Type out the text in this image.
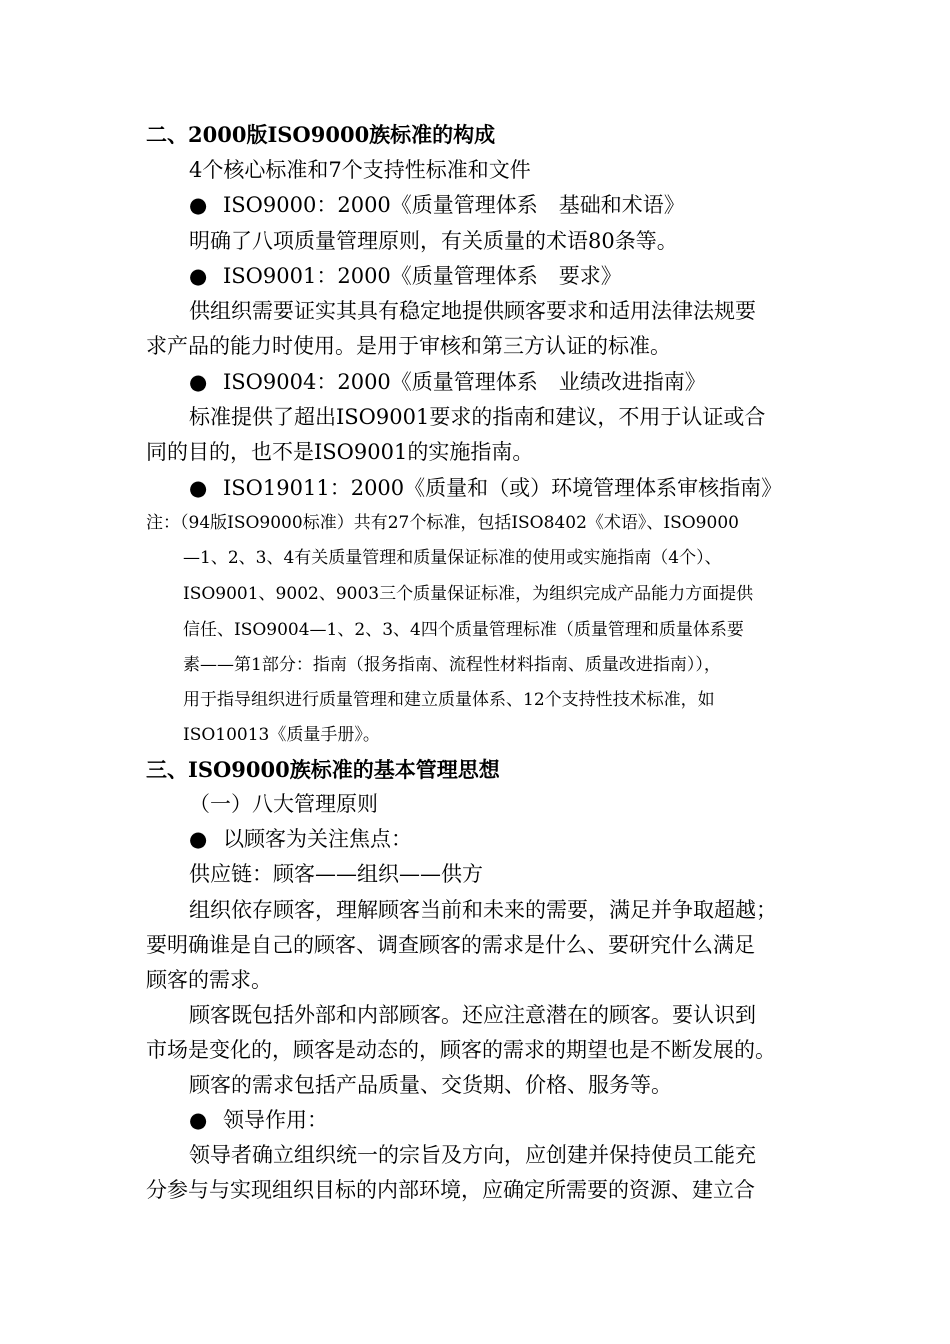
二、2000版ISO9000族标准的构成
4个核心标准和7个支持性标准和文件
● ISO9000：2000《质量管理体系　基础和术语》
明确了八项质量管理原则，有关质量的术语80条等。
● ISO9001：2000《质量管理体系　要求》
供组织需要证实其具有稳定地提供顾客要求和适用法律法规要
求产品的能力时使用。是用于审核和第三方认证的标准。
● ISO9004：2000《质量管理体系　业绩改进指南》
标准提供了超出ISO9001要求的指南和建议，不用于认证或合
同的目的，也不是ISO9001的实施指南。
● ISO19011：2000《质量和（或）环境管理体系审核指南》
注：（94版ISO9000标准）共有27个标准，包括ISO8402《术语》、ISO9000
—1、2、3、4有关质量管理和质量保证标准的使用或实施指南（4个）、
ISO9001、9002、9003三个质量保证标准，为组织完成产品能力方面提供
信任、ISO9004—1、2、3、4四个质量管理标准（质量管理和质量体系要
素——第1部分：指南（报务指南、流程性材料指南、质量改进指南）），
用于指导组织进行质量管理和建立质量体系、12个支持性技术标准，如
ISO10013《质量手册》。
三、ISO9000族标准的基本管理思想
（一）八大管理原则
● 以顾客为关注焦点：
供应链：顾客——组织——供方
组织依存顾客，理解顾客当前和未来的需要，满足并争取超越；
要明确谁是自己的顾客、调查顾客的需求是什么、要研究什么满足
顾客的需求。
顾客既包括外部和内部顾客。还应注意潜在的顾客。要认识到
市场是变化的，顾客是动态的，顾客的需求的期望也是不断发展的。
顾客的需求包括产品质量、交货期、价格、服务等。
● 领导作用：
领导者确立组织统一的宗旨及方向，应创建并保持使员工能充
分参与与实现组织目标的内部环境，应确定所需要的资源、建立合
